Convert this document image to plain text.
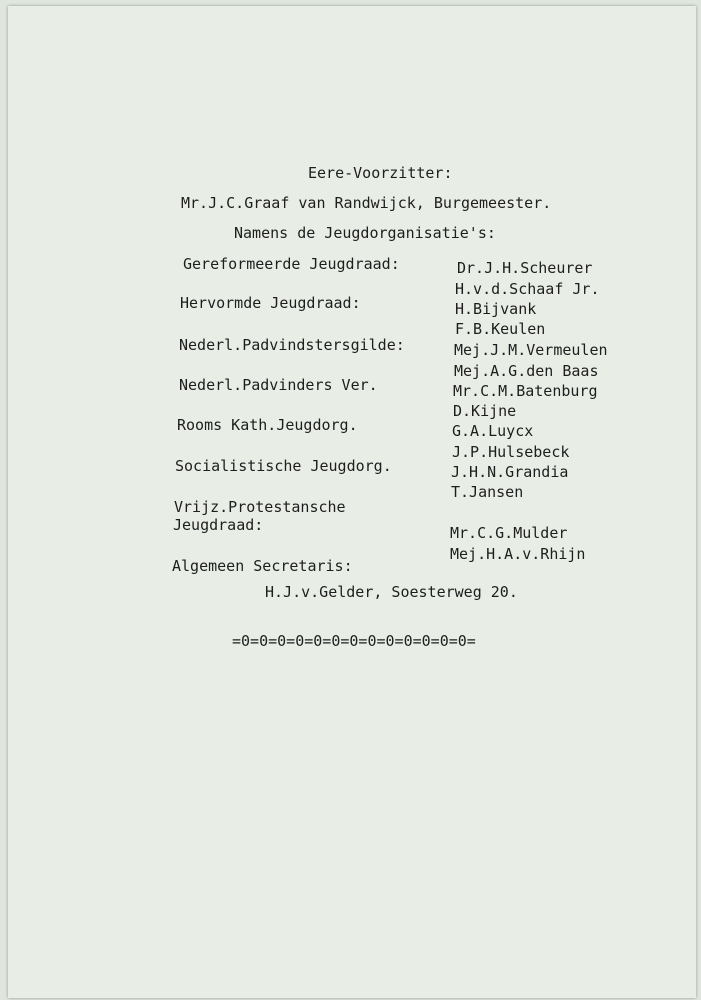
Eere-Voorzitter:
Mr.J.C.Graaf van Randwijck, Burgemeester.
Namens de Jeugdorganisatie's:
Gereformeerde Jeugdraad:
Hervormde Jeugdraad:
Nederl.Padvindstersgilde:
Nederl.Padvinders Ver.
Rooms Kath.Jeugdorg.
Socialistische Jeugdorg.
Vrijz.Protestansche
Jeugdraad:
Dr.J.H.Scheurer
H.v.d.Schaaf Jr.
H.Bijvank
F.B.Keulen
Mej.J.M.Vermeulen
Mej.A.G.den Baas
Mr.C.M.Batenburg
D.Kijne
G.A.Luycx
J.P.Hulsebeck
J.H.N.Grandia
T.Jansen
Mr.C.G.Mulder
Mej.H.A.v.Rhijn
Algemeen Secretaris:
H.J.v.Gelder, Soesterweg 20.
=0=0=0=0=0=0=0=0=0=0=0=0=0=
